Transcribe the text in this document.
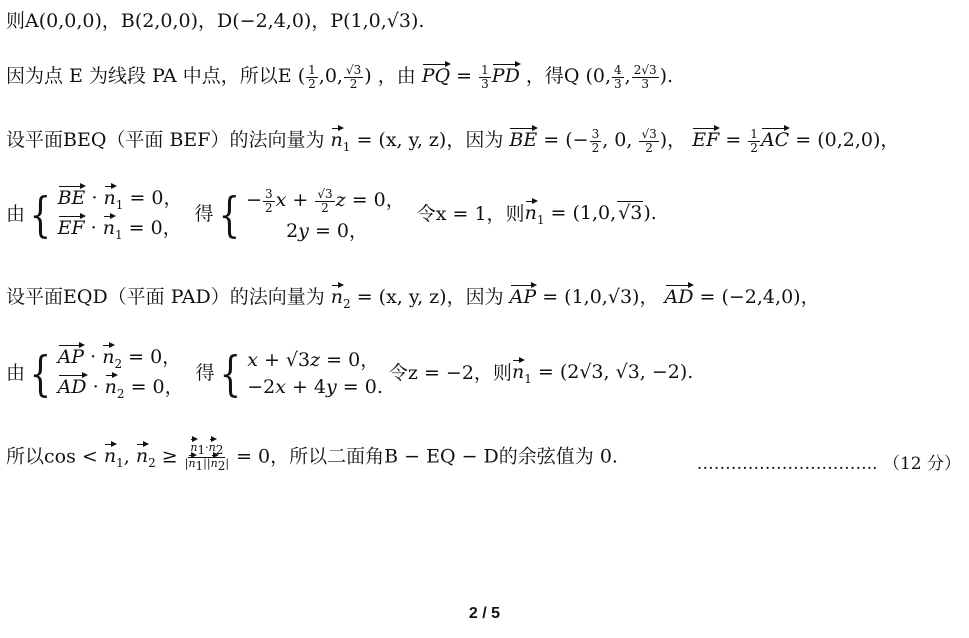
则A(0,0,0)，B(2,0,0)，D(−2,4,0)，P(1,0,√3).
因为点 E 为线段 PA 中点，所以E ( $\frac{1}{2} ,0$, $\frac{√3}{2}$ ) ，由 PQ = $\frac{1}{3}$ PD ，得Q (0, $\frac{4}{3}$ , $\frac{2√3}{3}$ ).
设平面BEQ（平面 BEF）的法向量为 $n_1 = (x$, y, z)，因为 BE = (− $\frac{3}{2}$ , 0, $\frac{√3}{2}$ )， EF = $\frac{1}{2}$ AC = (0,2,0)，
由 { BE · $n_1 = 0$，
EF · $n_1 = 0$，
得 { − $\frac{3}{2}$ $x + \frac{√3}{2}$ z = 0，
2y = 0，
令x = 1，则 $n_1 = (1,0$, √3).
设平面EQD（平面 PAD）的法向量为 $n_2 = (x$, y, z)，因为 AP = (1,0,√3)， AD = (−2,4,0)，
由 { AP · $n_2 = 0$，
AD · $n_2 = 0$，
得 { x + √3z = 0，
−2x + 4y = 0.
令z = −2，则 $n_1 = (2√3$, √3, −2).
所以$\cos < n_1$, $n_2 \ge \frac{n_1\cdot n_2}{|n_1||n_2|} = 0$，所以二面角B − EQ − D的余弦值为 0.	………………………….. （12 分）
2 / 5
